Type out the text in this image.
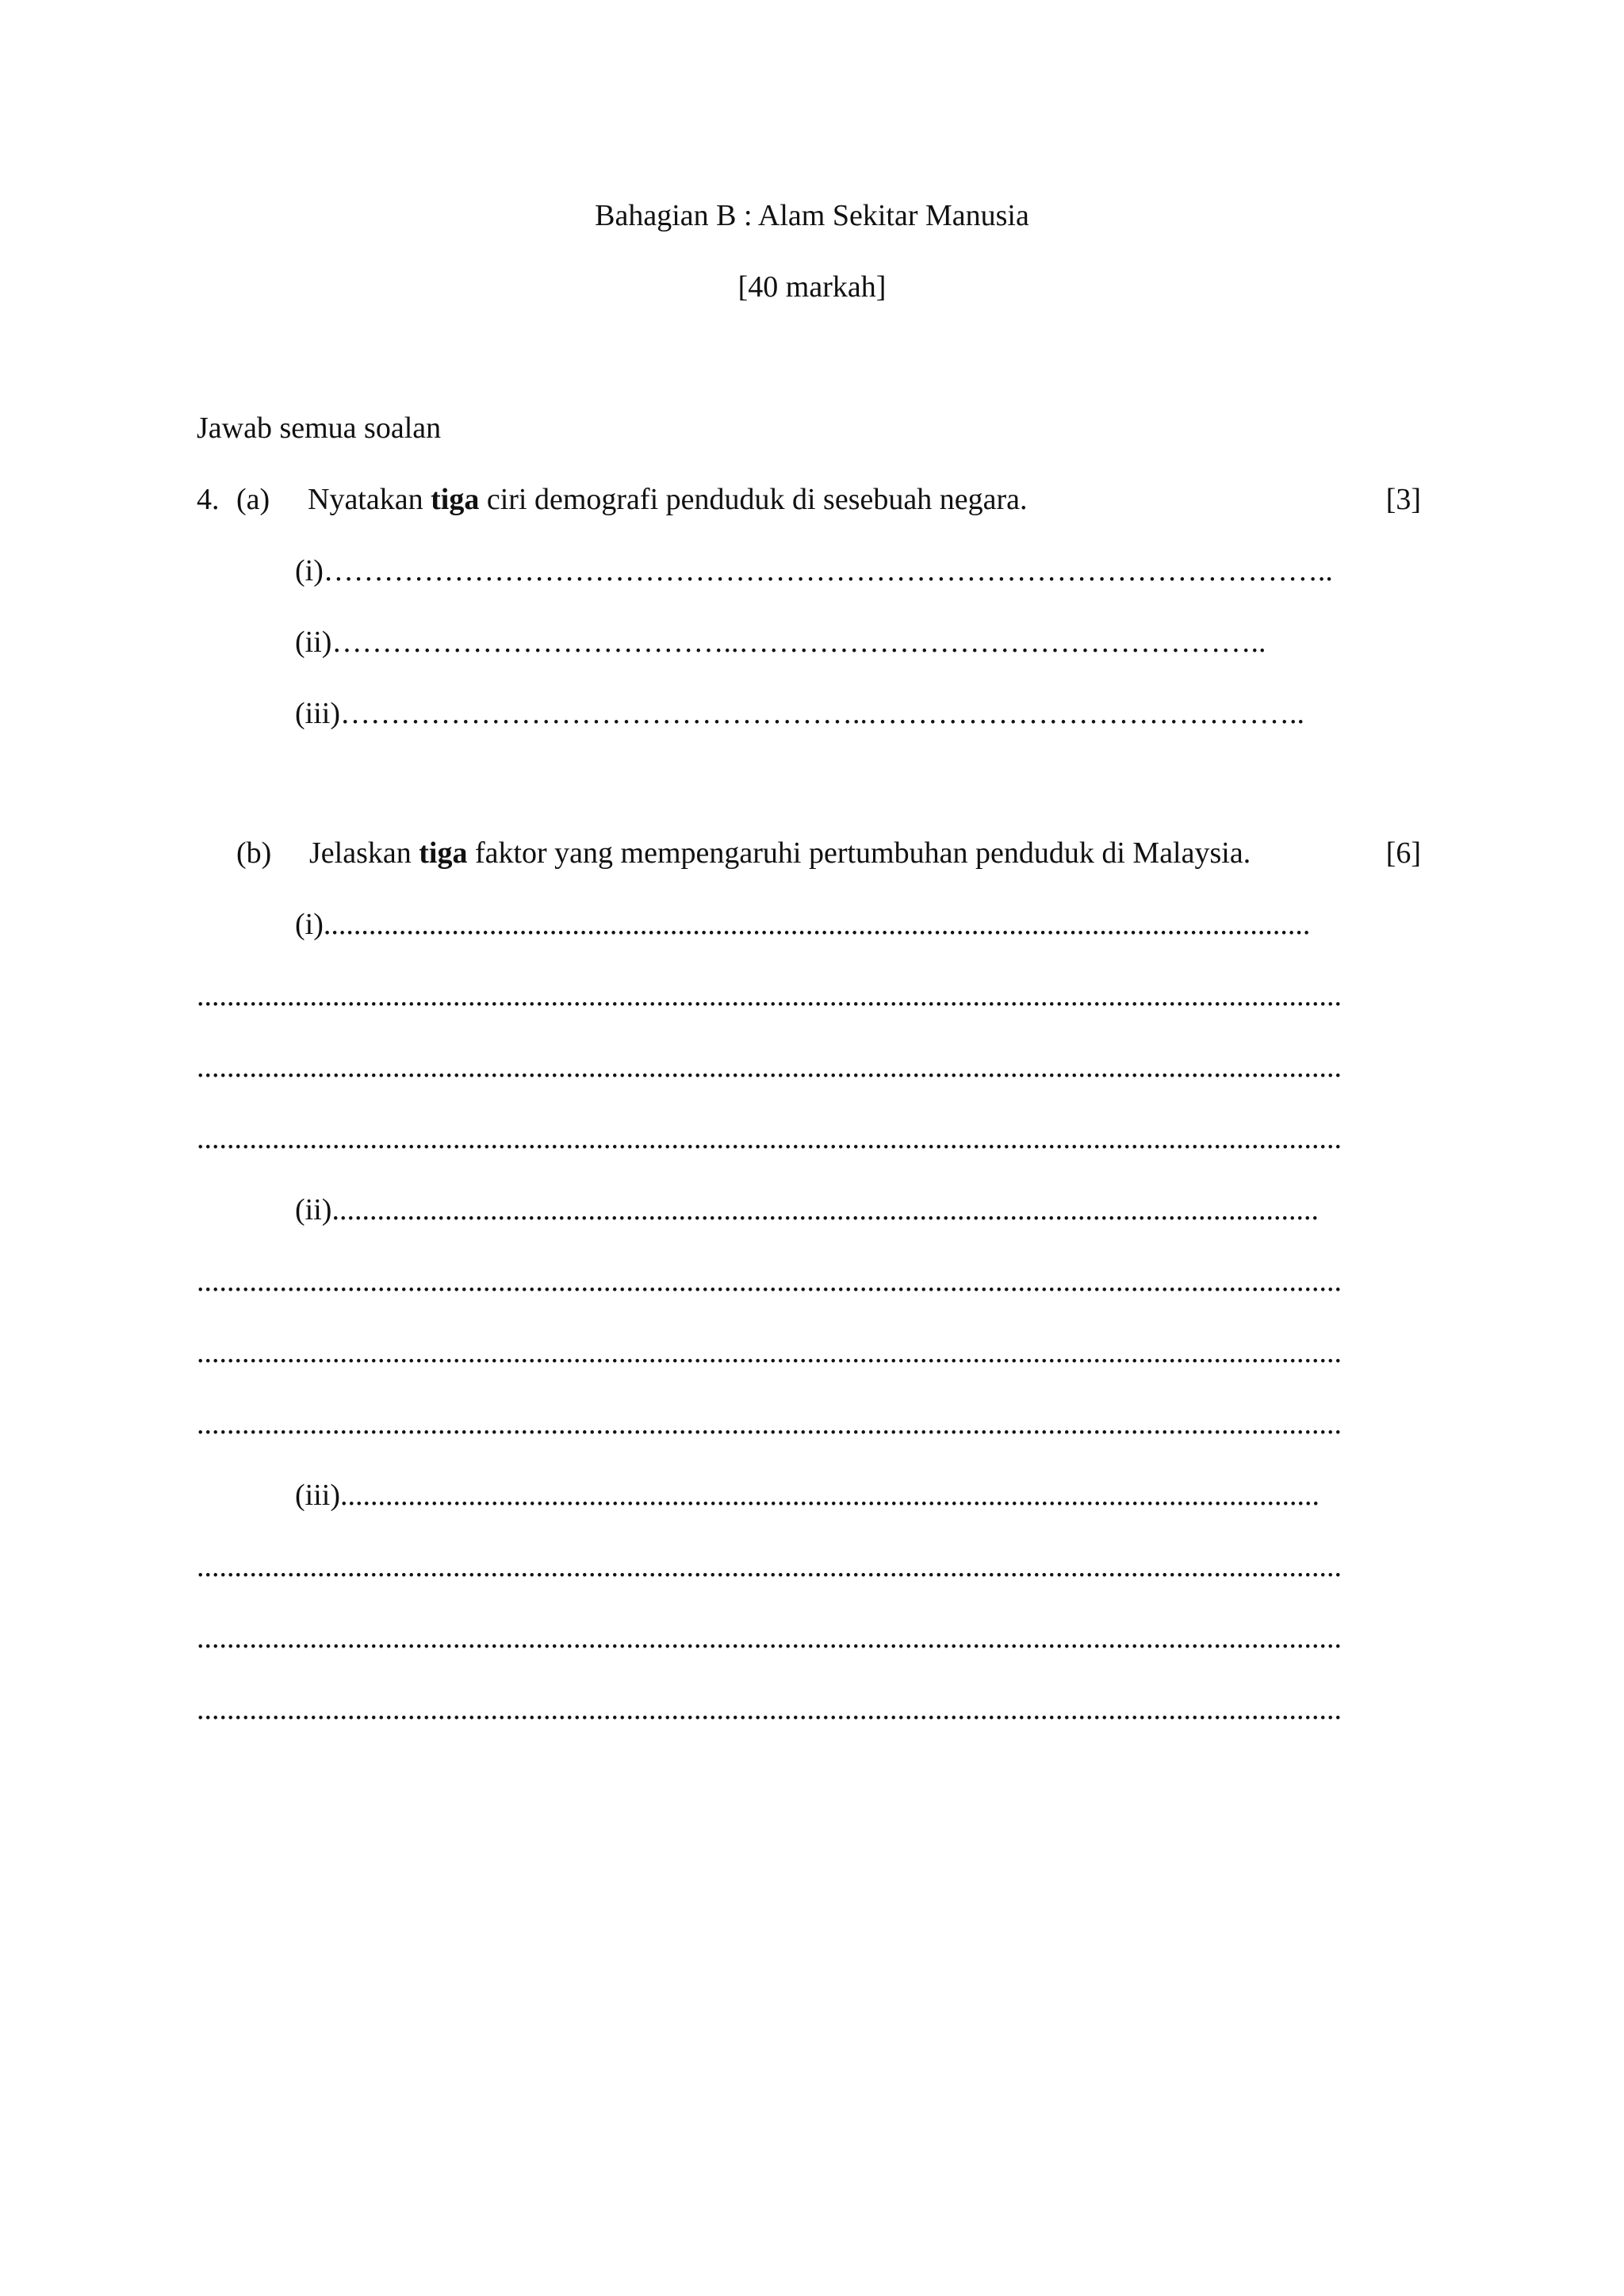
Bahagian B : Alam Sekitar Manusia
[40 markah]
Jawab semua soalan
4. (a) Nyatakan tiga ciri demografi penduduk di sesebuah negara.	[3]
(i)………………………………………………………………………………………..
(ii)…………………………………..……………………………………………..
(iii)……………………………………………..……………………………………..
(b) Jelaskan tiga faktor yang mempengaruhi pertumbuhan penduduk di Malaysia.	[6]
(i)...................................................................................................................................
........................................................................................................................................................
........................................................................................................................................................
........................................................................................................................................................
(ii)...................................................................................................................................
........................................................................................................................................................
........................................................................................................................................................
........................................................................................................................................................
(iii)..................................................................................................................................
........................................................................................................................................................
........................................................................................................................................................
........................................................................................................................................................
